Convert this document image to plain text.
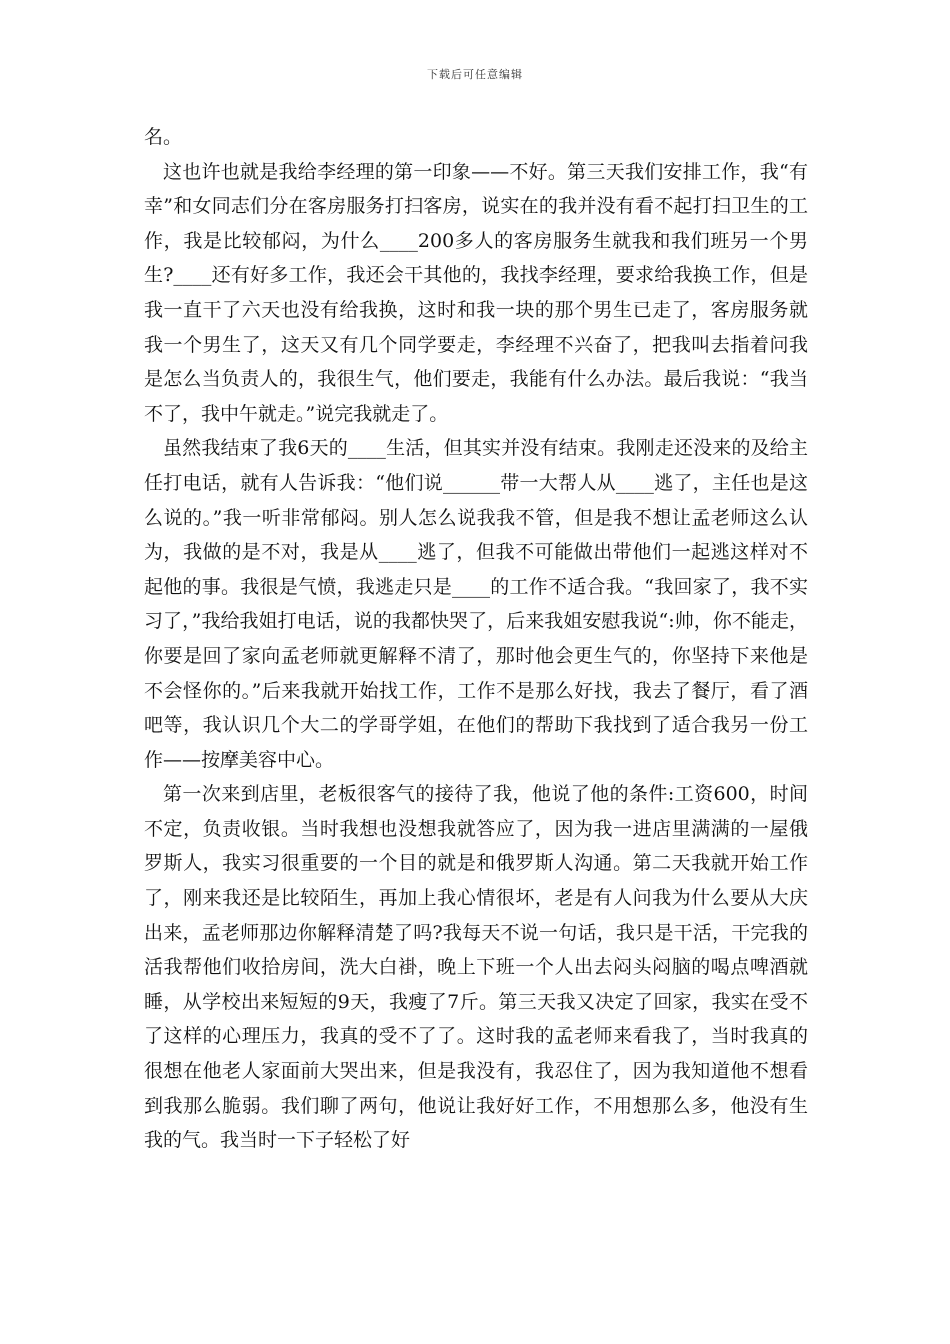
下载后可任意编辑

名。

这也许也就是我给李经理的第一印象——不好。第三天我们安排工作，我“有幸”和女同志们分在客房服务打扫客房，说实在的我并没有看不起打扫卫生的工作，我是比较郁闷，为什么____200多人的客房服务生就我和我们班另一个男生?____还有好多工作，我还会干其他的，我找李经理，要求给我换工作，但是我一直干了六天也没有给我换，这时和我一块的那个男生已走了，客房服务就我一个男生了，这天又有几个同学要走，李经理不兴奋了，把我叫去指着问我是怎么当负责人的，我很生气，他们要走，我能有什么办法。最后我说：“我当不了，我中午就走。”说完我就走了。

虽然我结束了我6天的____生活，但其实并没有结束。我刚走还没来的及给主任打电话，就有人告诉我：“他们说______带一大帮人从____逃了，主任也是这么说的。”我一听非常郁闷。别人怎么说我我不管，但是我不想让孟老师这么认为，我做的是不对，我是从____逃了，但我不可能做出带他们一起逃这样对不起他的事。我很是气愤，我逃走只是____的工作不适合我。“我回家了，我不实习了，”我给我姐打电话，说的我都快哭了，后来我姐安慰我说“:帅，你不能走，你要是回了家向孟老师就更解释不清了，那时他会更生气的，你坚持下来他是不会怪你的。”后来我就开始找工作，工作不是那么好找，我去了餐厅，看了酒吧等，我认识几个大二的学哥学姐，在他们的帮助下我找到了适合我另一份工作——按摩美容中心。

第一次来到店里，老板很客气的接待了我，他说了他的条件:工资600，时间不定，负责收银。当时我想也没想我就答应了，因为我一进店里满满的一屋俄罗斯人，我实习很重要的一个目的就是和俄罗斯人沟通。第二天我就开始工作了，刚来我还是比较陌生，再加上我心情很坏，老是有人问我为什么要从大庆出来，孟老师那边你解释清楚了吗?我每天不说一句话，我只是干活，干完我的活我帮他们收拾房间，洗大白褂，晚上下班一个人出去闷头闷脑的喝点啤酒就睡，从学校出来短短的9天，我瘦了7斤。第三天我又决定了回家，我实在受不了这样的心理压力，我真的受不了了。这时我的孟老师来看我了，当时我真的很想在他老人家面前大哭出来，但是我没有，我忍住了，因为我知道他不想看到我那么脆弱。我们聊了两句，他说让我好好工作，不用想那么多，他没有生我的气。我当时一下子轻松了好
